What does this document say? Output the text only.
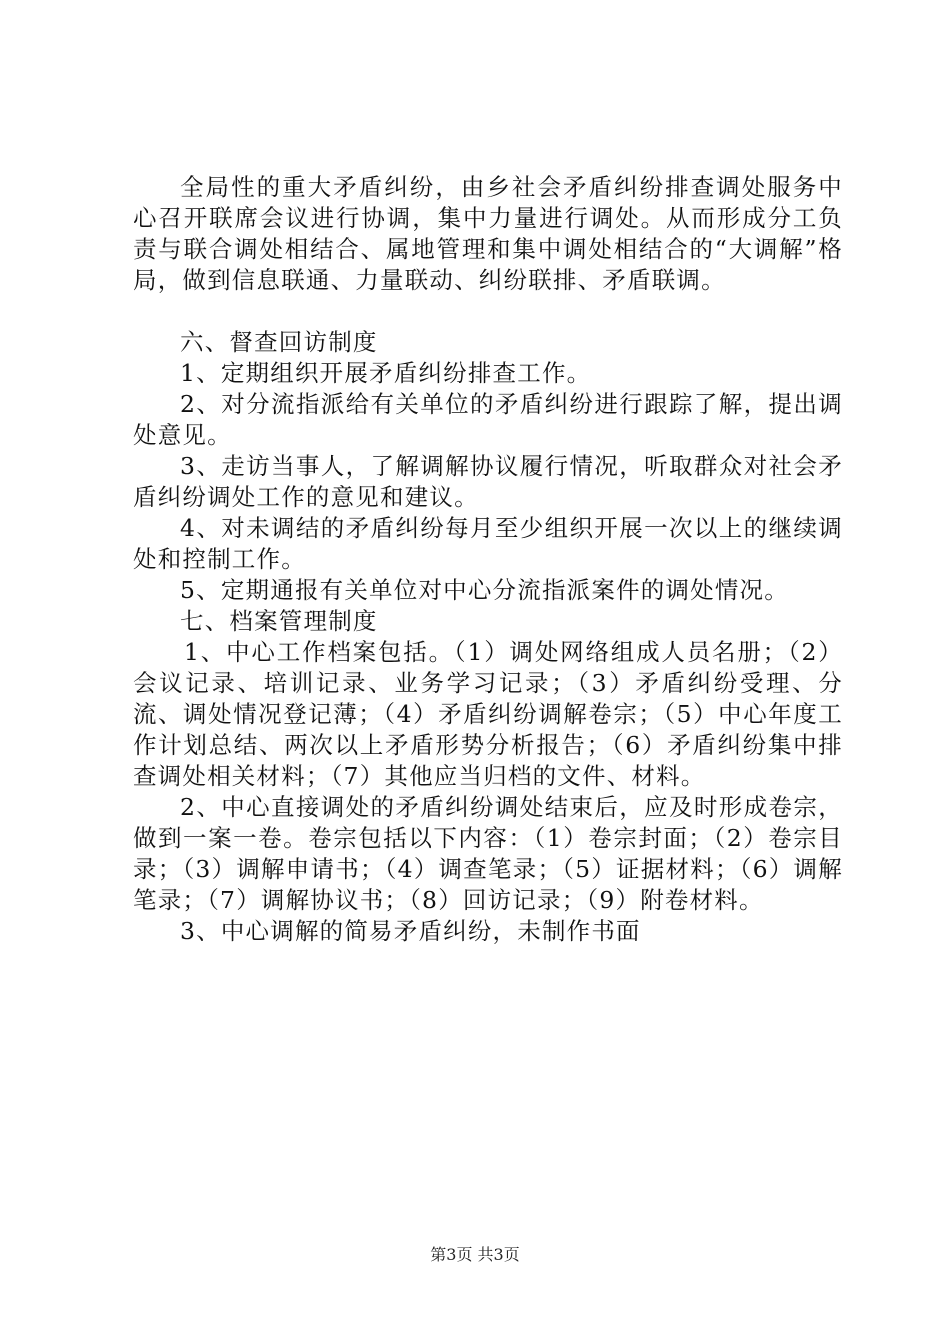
全局性的重大矛盾纠纷，由乡社会矛盾纠纷排查调处服务中心召开联席会议进行协调，集中力量进行调处。从而形成分工负责与联合调处相结合、属地管理和集中调处相结合的“大调解”格局，做到信息联通、力量联动、纠纷联排、矛盾联调。

六、督查回访制度

1、定期组织开展矛盾纠纷排查工作。

2、对分流指派给有关单位的矛盾纠纷进行跟踪了解，提出调处意见。

3、走访当事人，了解调解协议履行情况，听取群众对社会矛盾纠纷调处工作的意见和建议。

4、对未调结的矛盾纠纷每月至少组织开展一次以上的继续调处和控制工作。

5、定期通报有关单位对中心分流指派案件的调处情况。

七、档案管理制度

1、中心工作档案包括。（1）调处网络组成人员名册；（2）会议记录、培训记录、业务学习记录；（3）矛盾纠纷受理、分流、调处情况登记薄；（4）矛盾纠纷调解卷宗；（5）中心年度工作计划总结、两次以上矛盾形势分析报告；（6）矛盾纠纷集中排查调处相关材料；（7）其他应当归档的文件、材料。

2、中心直接调处的矛盾纠纷调处结束后，应及时形成卷宗，做到一案一卷。卷宗包括以下内容：（1）卷宗封面；（2）卷宗目录；（3）调解申请书；（4）调查笔录；（5）证据材料；（6）调解笔录；（7）调解协议书；（8）回访记录；（9）附卷材料。

3、中心调解的简易矛盾纠纷，未制作书面

第3页 共3页
